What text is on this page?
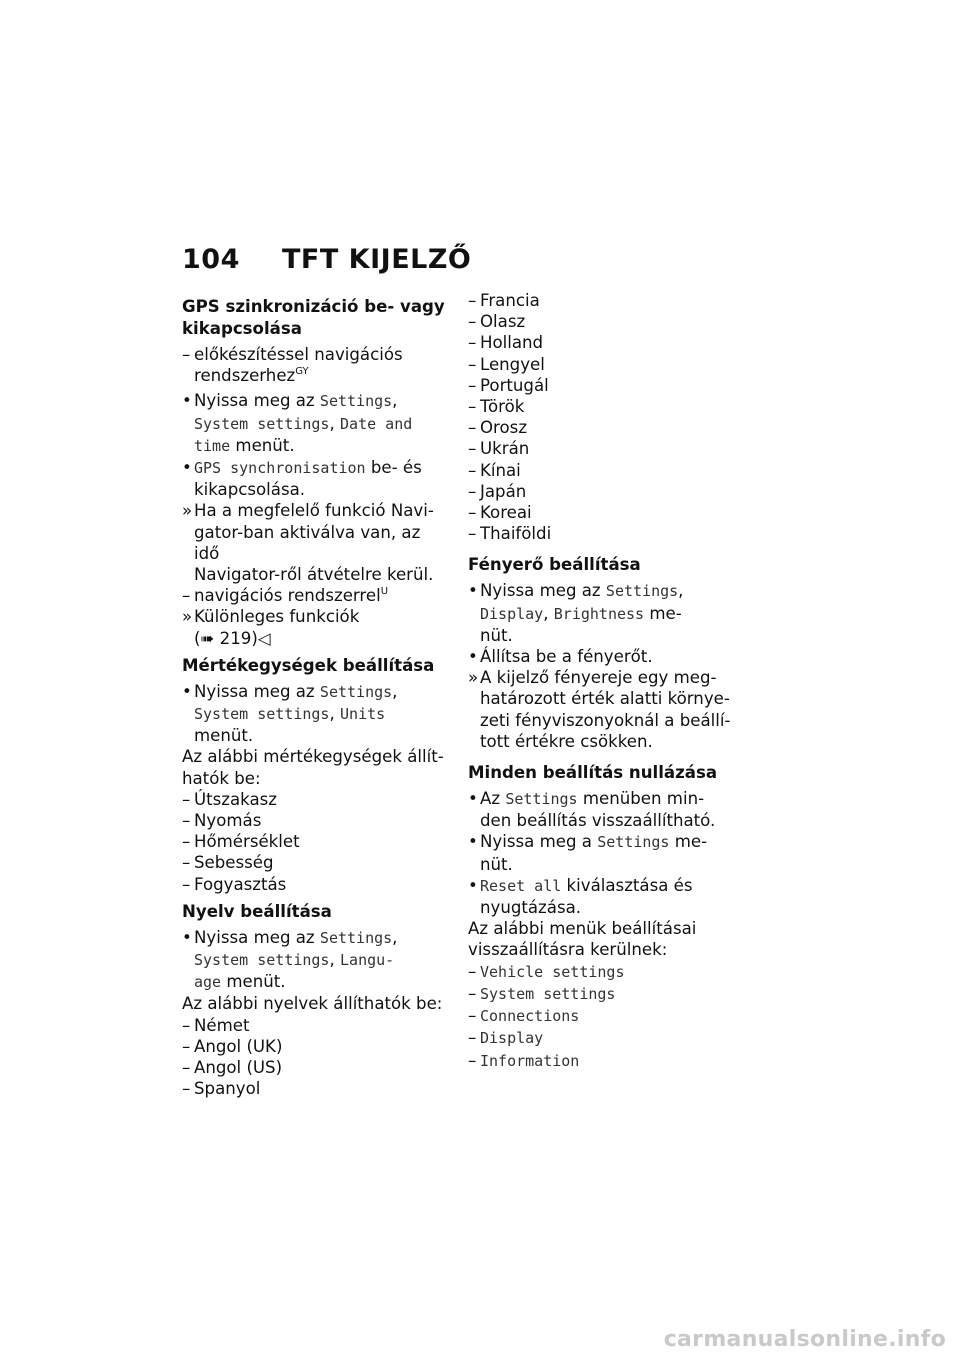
104 TFT KIJELZŐ
GPS szinkronizáció be- vagy
kikapcsolása
– előkészítéssel navigációs
rendszerhez$^{GY}$
• Nyissa meg az Settings,
System settings, Date and time menüt.
• GPS synchronisation be- és kikapcsolása.
» Ha a megfelelő funkció Navi-
gator-ban aktiválva van, az idő
Navigator-ről átvételre kerül.
– navigációs rendszerrel$^U$
» Különleges funkciók
(➠ 219)◁
Mértékegységek beállítása
• Nyissa meg az Settings,
System settings, Units
menüt.

Az alábbi mértékegységek állít-

hatók be:

– Útszakasz
– Nyomás
– Hőmérséklet
– Sebesség
– Fogyasztás
Nyelv beállítása
• Nyissa meg az Settings,
System settings, Langu-
age menüt.

Az alábbi nyelvek állíthatók be:

– Német
– Angol (UK)
– Angol (US)
– Spanyol
– Francia
– Olasz
– Holland
– Lengyel
– Portugál
– Török
– Orosz
– Ukrán
– Kínai
– Japán
– Koreai
– Thaiföldi
Fényerő beállítása
• Nyissa meg az Settings,
Display, Brightness me-
nüt.
• Állítsa be a fényerőt.
» A kijelző fényereje egy meg-
határozott érték alatti környe-
zeti fényviszonyoknál a beállí-
tott értékre csökken.
Minden beállítás nullázása
• Az Settings menüben min-
den beállítás visszaállítható.
• Nyissa meg a Settings me-
nüt.
• Reset all kiválasztása és
nyugtázása.

Az alábbi menük beállításai

visszaállításra kerülnek:

– Vehicle settings
– System settings
– Connections
– Display
– Information
carmanualsonline.info
